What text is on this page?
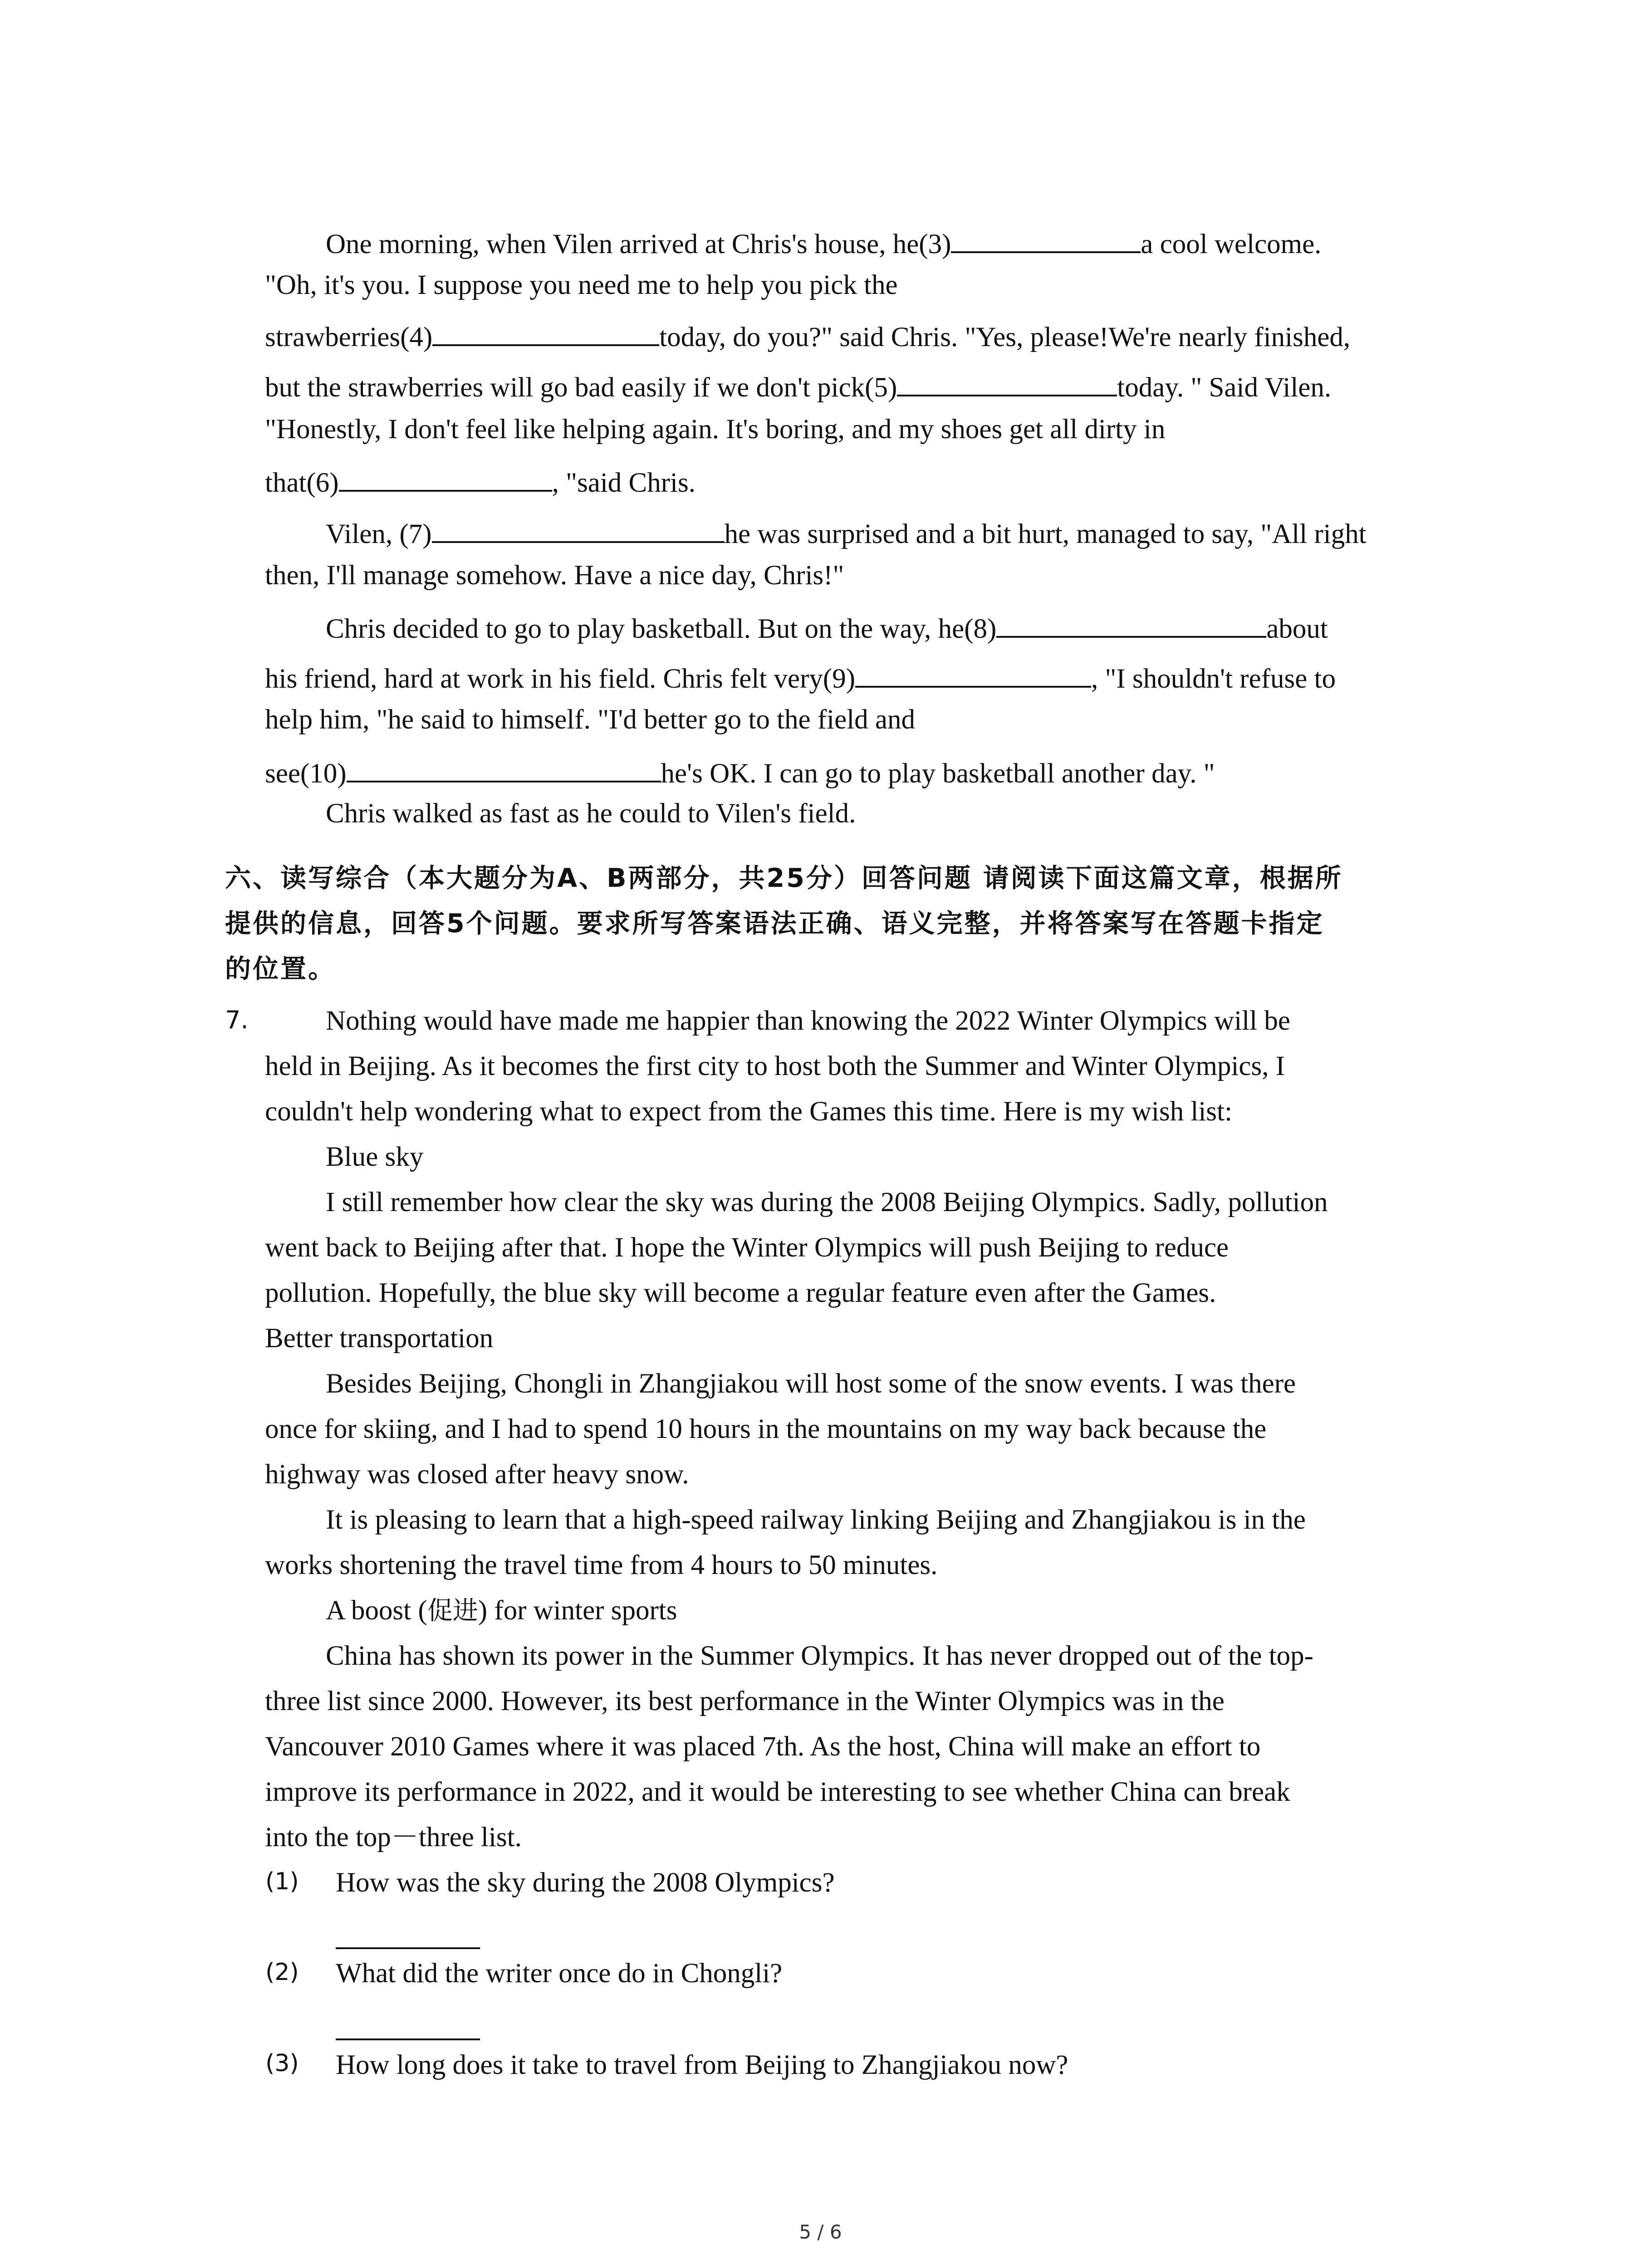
One morning, when Vilen arrived at Chris's house, he(3)	a cool welcome.
"Oh, it's you. I suppose you need me to help you pick the
strawberries(4)	today, do you?" said Chris. "Yes, please!We're nearly finished,
but the strawberries will go bad easily if we don't pick(5)	today. " Said Vilen.
"Honestly, I don't feel like helping again. It's boring, and my shoes get all dirty in
that(6)	, "said Chris.
Vilen, (7)	he was surprised and a bit hurt, managed to say, "All right
then, I'll manage somehow. Have a nice day, Chris!"
Chris decided to go to play basketball. But on the way, he(8)	about
his friend, hard at work in his field. Chris felt very(9)	, "I shouldn't refuse to
help him, "he said to himself. "I'd better go to the field and
see(10)	he's OK. I can go to play basketball another day. "
Chris walked as fast as he could to Vilen's field.
六、读写综合（本大题分为A、B两部分，共25分）回答问题 请阅读下面这篇文章，根据所
提供的信息，回答5个问题。要求所写答案语法正确、语义完整，并将答案写在答题卡指定
的位置。
7.	Nothing would have made me happier than knowing the 2022 Winter Olympics will be
held in Beijing. As it becomes the first city to host both the Summer and Winter Olympics, I
couldn't help wondering what to expect from the Games this time. Here is my wish list:
Blue sky
I still remember how clear the sky was during the 2008 Beijing Olympics. Sadly, pollution
went back to Beijing after that. I hope the Winter Olympics will push Beijing to reduce
pollution. Hopefully, the blue sky will become a regular feature even after the Games.
Better transportation
Besides Beijing, Chongli in Zhangjiakou will host some of the snow events. I was there
once for skiing, and I had to spend 10 hours in the mountains on my way back because the
highway was closed after heavy snow.
It is pleasing to learn that a high-speed railway linking Beijing and Zhangjiakou is in the
works shortening the travel time from 4 hours to 50 minutes.
A boost (促进) for winter sports
China has shown its power in the Summer Olympics. It has never dropped out of the top-
three list since 2000. However, its best performance in the Winter Olympics was in the
Vancouver 2010 Games where it was placed 7th. As the host, China will make an effort to
improve its performance in 2022, and it would be interesting to see whether China can break
into the top－three list.
(1) How was the sky during the 2008 Olympics?
(2) What did the writer once do in Chongli?
(3) How long does it take to travel from Beijing to Zhangjiakou now?
5 / 6
